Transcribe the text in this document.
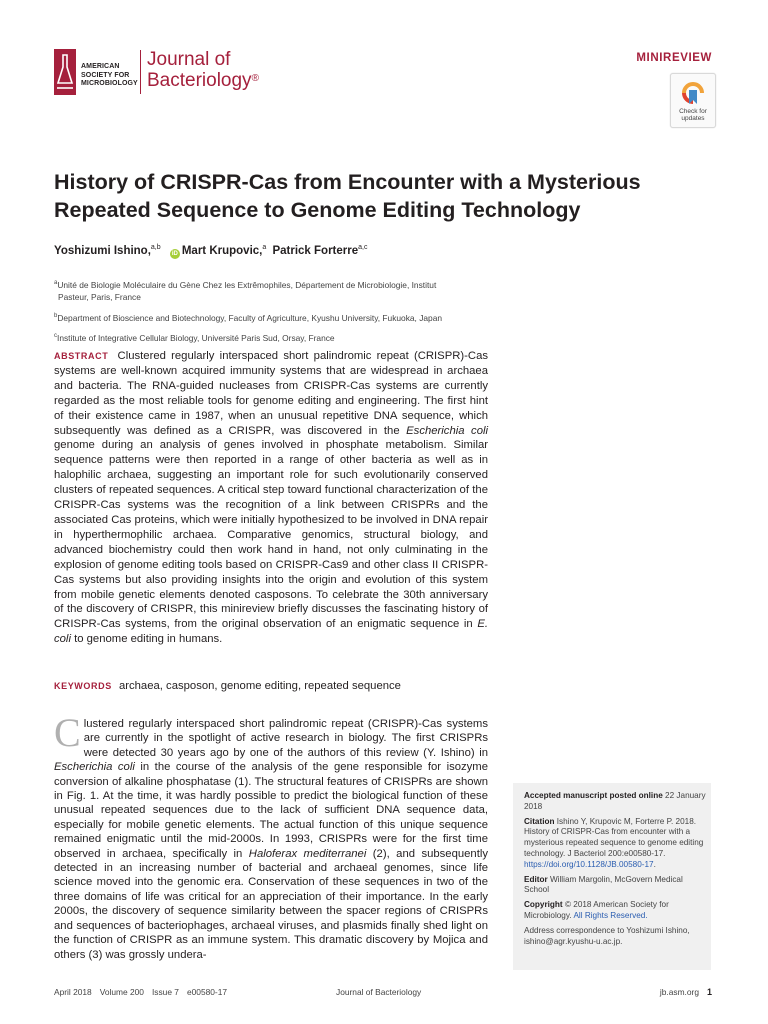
AMERICAN
SOCIETY FOR
MICROBIOLOGY
Journal of
Bacteriology®
MINIREVIEW
Check for
updates
History of CRISPR-Cas from Encounter with a Mysterious Repeated Sequence to Genome Editing Technology
Yoshizumi Ishino,$^{a,b}$ iD Mart Krupovic,$^a$ Patrick Forterre$^{a,c}$
$^a$Unité de Biologie Moléculaire du Gène Chez les Extrêmophiles, Département de Microbiologie, Institut
Pasteur, Paris, France
$^b$Department of Bioscience and Biotechnology, Faculty of Agriculture, Kyushu University, Fukuoka, Japan
$^c$Institute of Integrative Cellular Biology, Université Paris Sud, Orsay, France
ABSTRACT Clustered regularly interspaced short palindromic repeat (CRISPR)-Cas systems are well-known acquired immunity systems that are widespread in archaea and bacteria. The RNA-guided nucleases from CRISPR-Cas systems are currently regarded as the most reliable tools for genome editing and engineering. The first hint of their existence came in 1987, when an unusual repetitive DNA sequence, which subsequently was defined as a CRISPR, was discovered in the Escherichia coli genome during an analysis of genes involved in phosphate metabolism. Similar sequence patterns were then reported in a range of other bacteria as well as in halophilic archaea, suggesting an important role for such evolutionarily conserved clusters of repeated sequences. A critical step toward functional characterization of the CRISPR-Cas systems was the recognition of a link between CRISPRs and the associated Cas proteins, which were initially hypothesized to be involved in DNA repair in hyperthermophilic archaea. Comparative genomics, structural biology, and advanced biochemistry could then work hand in hand, not only culminating in the explosion of genome editing tools based on CRISPR-Cas9 and other class II CRISPR-Cas systems but also providing insights into the origin and evolution of this system from mobile genetic elements denoted casposons. To celebrate the 30th anniversary of the discovery of CRISPR, this minireview briefly discusses the fascinating history of CRISPR-Cas systems, from the original observation of an enigmatic sequence in E. coli to genome editing in humans.
KEYWORDS archaea, casposon, genome editing, repeated sequence
C lustered regularly interspaced short palindromic repeat (CRISPR)-Cas systems are currently in the spotlight of active research in biology. The first CRISPRs were detected 30 years ago by one of the authors of this review (Y. Ishino) in Escherichia coli in the course of the analysis of the gene responsible for isozyme conversion of alkaline phosphatase (1). The structural features of CRISPRs are shown in Fig. 1. At the time, it was hardly possible to predict the biological function of these unusual repeated sequences due to the lack of sufficient DNA sequence data, especially for mobile genetic elements. The actual function of this unique sequence remained enigmatic until the mid-2000s. In 1993, CRISPRs were for the first time observed in archaea, specifically in Haloferax mediterranei (2), and subsequently detected in an increasing number of bacterial and archaeal genomes, since life science moved into the genomic era. Conservation of these sequences in two of the three domains of life was critical for an appreciation of their importance. In the early 2000s, the discovery of sequence similarity between the spacer regions of CRISPRs and sequences of bacteriophages, archaeal viruses, and plasmids finally shed light on the function of CRISPR as an immune system. This dramatic discovery by Mojica and others (3) was grossly undera-
Accepted manuscript posted online 22 January 2018
Citation Ishino Y, Krupovic M, Forterre P. 2018. History of CRISPR-Cas from encounter with a mysterious repeated sequence to genome editing technology. J Bacteriol 200:e00580-17. https://doi.org/10.1128/JB.00580-17.
Editor William Margolin, McGovern Medical School
Copyright © 2018 American Society for Microbiology. All Rights Reserved.
Address correspondence to Yoshizumi Ishino, ishino@agr.kyushu-u.ac.jp.
April 2018 Volume 200 Issue 7 e00580-17	Journal of Bacteriology	jb.asm.org 1
